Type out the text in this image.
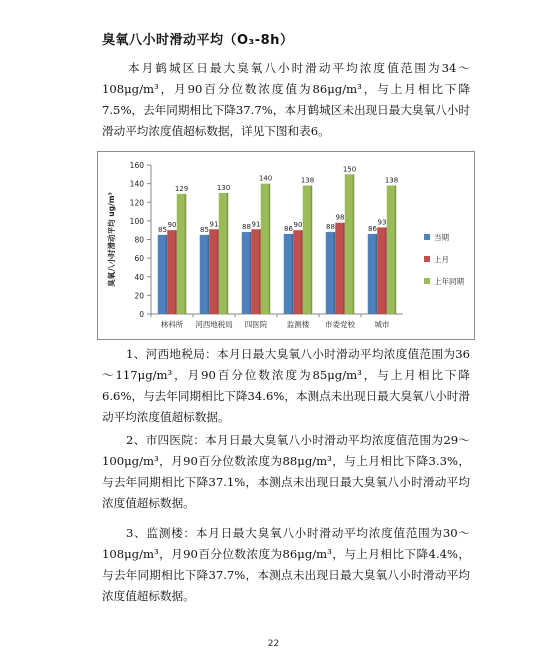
臭氧八小时滑动平均（O₃-8h）
本月鹤城区日最大臭氧八小时滑动平均浓度值范围为34～108μg/m³，月90百分位数浓度值为86μg/m³，与上月相比下降7.5%，去年同期相比下降37.7%，本月鹤城区未出现日最大臭氧八小时滑动平均浓度值超标数据，详见下图和表6。
0
20
40
60
80
100
120
140
160
臭氧八小时滑动平均 ug/m³	85
90
129
林科所
85
91
130
河西地税局
88 91
140
四医院
86 90
138
监测楼
88
98
150
市委党校
86
93
138
城市
当期
上月
上年同期
1、河西地税局：本月日最大臭氧八小时滑动平均浓度值范围为36～117μg/m³，月90百分位数浓度为85μg/m³，与上月相比下降6.6%，与去年同期相比下降34.6%，本测点未出现日最大臭氧八小时滑动平均浓度值超标数据。
2、市四医院：本月日最大臭氧八小时滑动平均浓度值范围为29～100μg/m³，月90百分位数浓度为88μg/m³，与上月相比下降3.3%，与去年同期相比下降37.1%，本测点未出现日最大臭氧八小时滑动平均浓度值超标数据。
3、监测楼：本月日最大臭氧八小时滑动平均浓度值范围为30～108μg/m³，月90百分位数浓度为86μg/m³，与上月相比下降4.4%，与去年同期相比下降37.7%，本测点未出现日最大臭氧八小时滑动平均浓度值超标数据。
22
